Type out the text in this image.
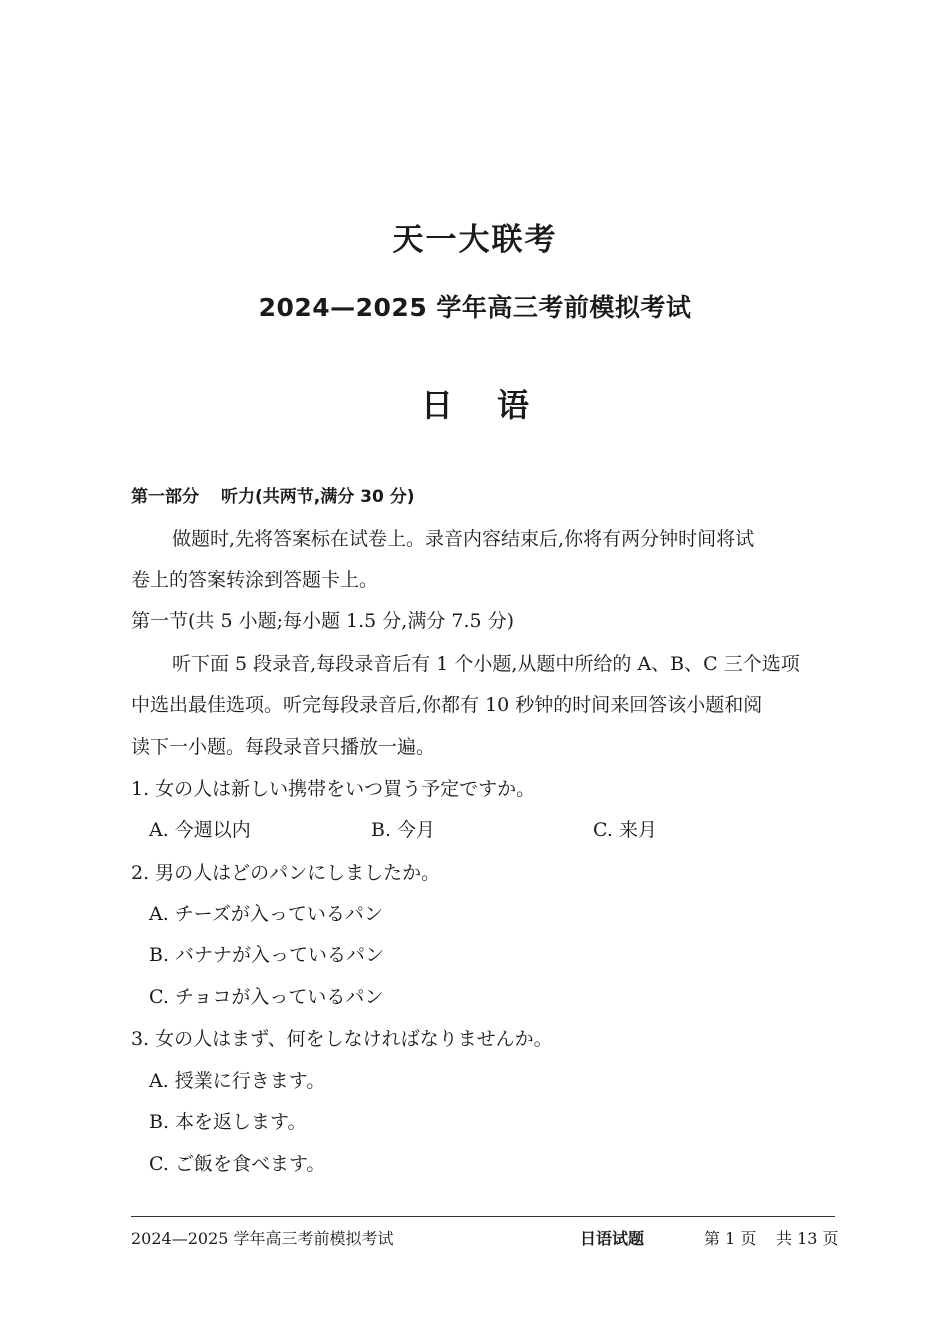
天一大联考
2024—2025 学年高三考前模拟考试
日 语
第一部分 听力(共两节,满分 30 分)
做题时,先将答案标在试卷上。录音内容结束后,你将有两分钟时间将试
卷上的答案转涂到答题卡上。
第一节(共 5 小题;每小题 1.5 分,满分 7.5 分)
听下面 5 段录音,每段录音后有 1 个小题,从题中所给的 A、B、C 三个选项
中选出最佳选项。听完每段录音后,你都有 10 秒钟的时间来回答该小题和阅
读下一小题。每段录音只播放一遍。
1. 女の人は新しい携帯をいつ買う予定ですか。
A. 今週以内	B. 今月	C. 来月
2. 男の人はどのパンにしましたか。
A. チーズが入っているパン
B. バナナが入っているパン
C. チョコが入っているパン
3. 女の人はまず、何をしなければなりませんか。
A. 授業に行きます。
B. 本を返します。
C. ご飯を食べます。
2024—2025 学年高三考前模拟考试	日语试题	第 1 页 共 13 页
